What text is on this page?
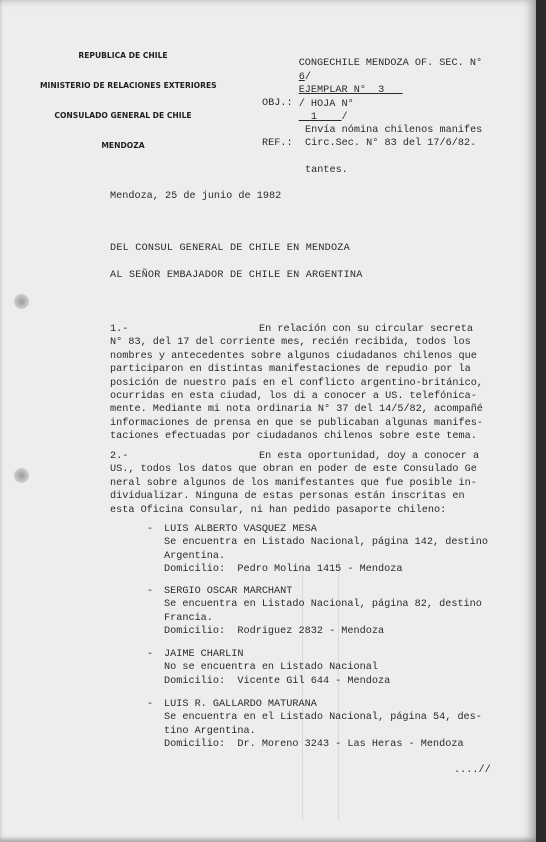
REPUBLICA DE CHILE

MINISTERIO DE RELACIONES EXTERIORES

CONSULADO GENERAL DE CHILE

MENDOZA

CONGECHILE MENDOZA OF. SEC. N°
6/

EJEMPLAR N° 3
/ HOJA N°
1 /

OBJ.:

Envía nómina chilenos manifes

tantes.

REF.: Circ.Sec. N° 83 del 17/6/82.
Mendoza, 25 de junio de 1982
DEL CONSUL GENERAL DE CHILE EN MENDOZA
AL SEÑOR EMBAJADOR DE CHILE EN ARGENTINA
1.-	En relación con su circular secreta
N° 83, del 17 del corriente mes, recién recibida, todos los
nombres y antecedentes sobre algunos ciudadanos chilenos que
participaron en distintas manifestaciones de repudio por la
posición de nuestro país en el conflicto argentino-británico,
ocurridas en esta ciudad, los di a conocer a US. telefónica-
mente. Mediante mi nota ordinaria N° 37 del 14/5/82, acompañé
informaciones de prensa en que se publicaban algunas manifes-
taciones efectuadas por ciudadanos chilenos sobre este tema.
2.-	En esta oportunidad, doy a conocer a
US., todos los datos que obran en poder de este Consulado Ge
neral sobre algunos de los manifestantes que fue posible in-
dividualizar. Ninguna de estas personas están inscritas en
esta Oficina Consular, ni han pedido pasaporte chileno:
- LUIS ALBERTO VASQUEZ MESA
Se encuentra en Listado Nacional, página 142, destino
Argentina.
Domicilio:  Pedro Molina 1415 - Mendoza
- SERGIO OSCAR MARCHANT
Se encuentra en Listado Nacional, página 82, destino
Francia.
Domicilio:  Rodriguez 2832 - Mendoza
- JAIME CHARLIN
No se encuentra en Listado Nacional
Domicilio:  Vicente Gil 644 - Mendoza
- LUIS R. GALLARDO MATURANA
Se encuentra en el Listado Nacional, página 54, des-
tino Argentina.
Domicilio:  Dr. Moreno 3243 - Las Heras - Mendoza
....//
